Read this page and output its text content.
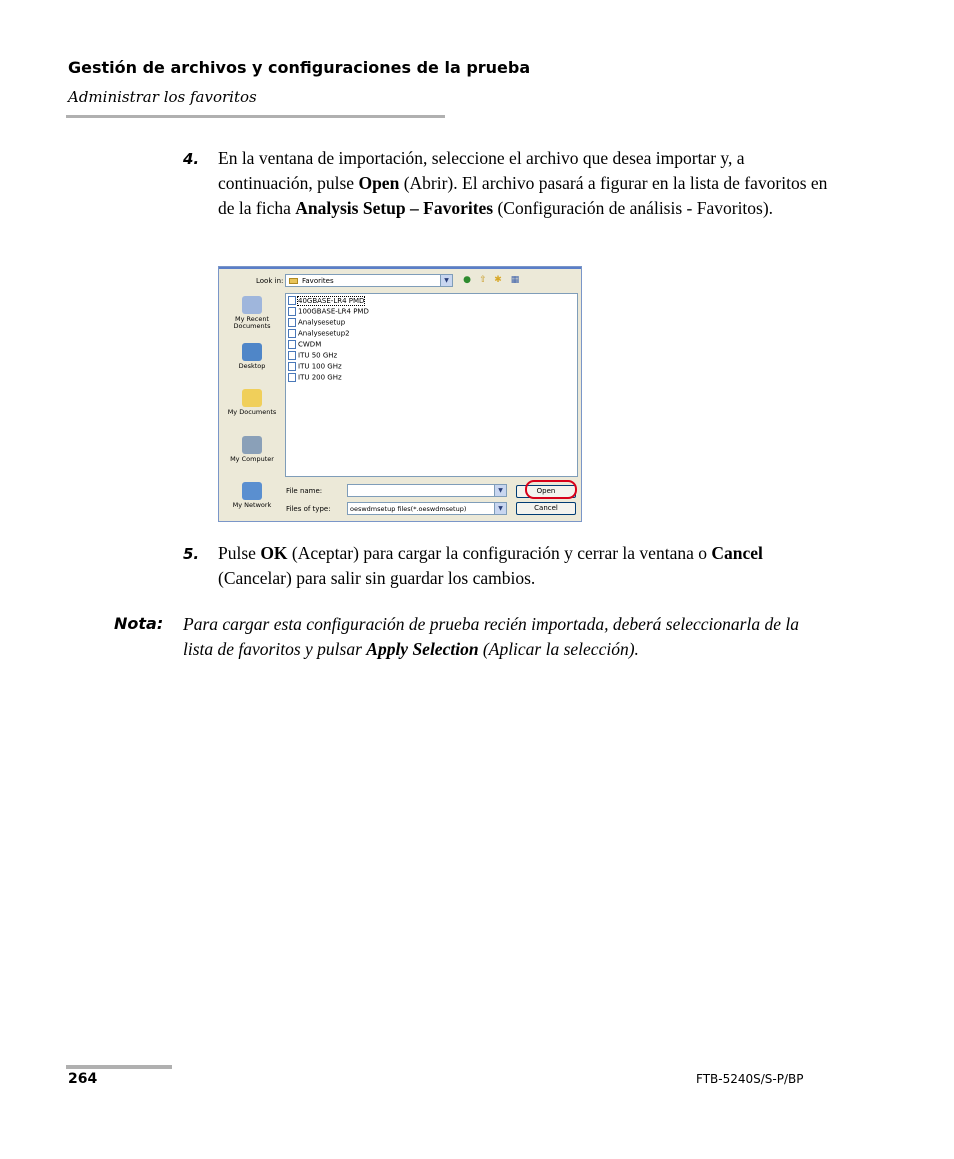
Gestión de archivos y configuraciones de la prueba
Administrar los favoritos
4. En la ventana de importación, seleccione el archivo que desea importar y, a continuación, pulse Open (Abrir). El archivo pasará a figurar en la lista de favoritos en de la ficha Analysis Setup – Favorites (Configuración de análisis - Favoritos).
Look in:	Favorites	▼	● ⇧ ✱ ▦
My Recent Documents
Desktop
My Documents
My Computer
My Network
40GBASE-LR4 PMD
100GBASE-LR4 PMD
Analysesetup
Analysesetup2
CWDM
ITU 50 GHz
ITU 100 GHz
ITU 200 GHz
File name:	▼
Files of type:	oeswdmsetup files(*.oeswdmsetup)	▼
Open
Cancel
5. Pulse OK (Aceptar) para cargar la configuración y cerrar la ventana o Cancel (Cancelar) para salir sin guardar los cambios.
Nota: Para cargar esta configuración de prueba recién importada, deberá seleccionarla de la lista de favoritos y pulsar Apply Selection (Aplicar la selección).
264	FTB-5240S/S-P/BP
